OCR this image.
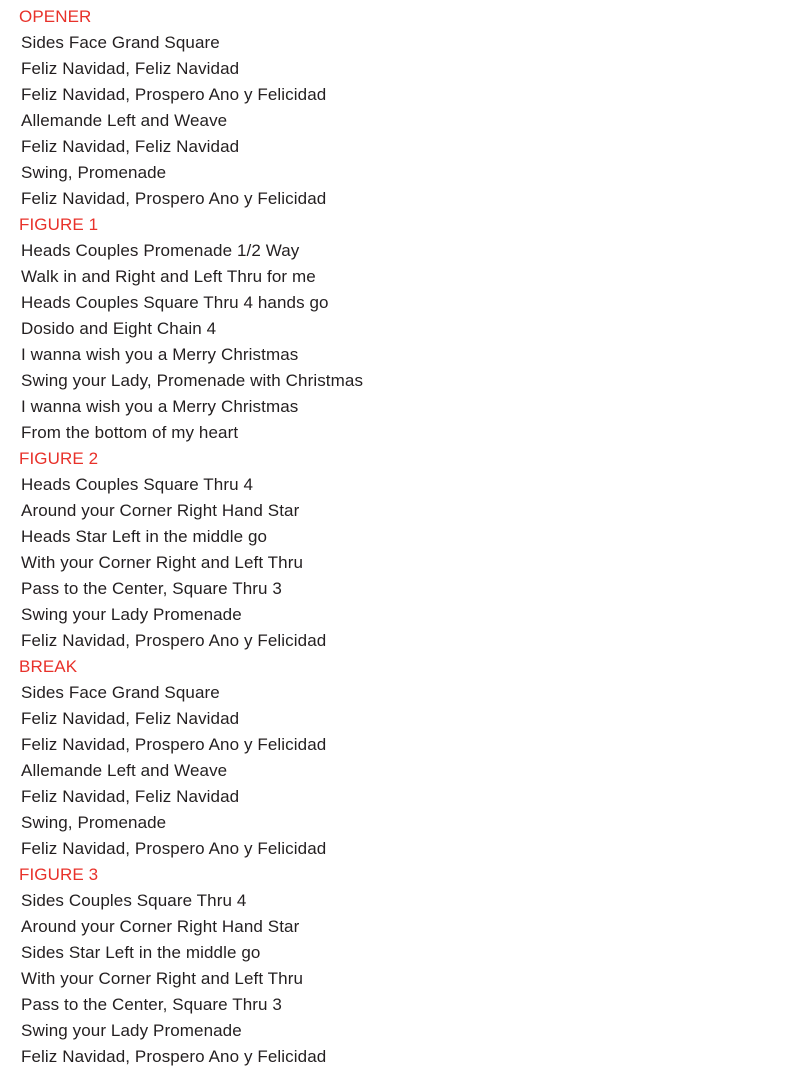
OPENER
Sides Face Grand Square
Feliz Navidad, Feliz Navidad
Feliz Navidad, Prospero Ano y Felicidad
Allemande Left and Weave
Feliz Navidad, Feliz Navidad
Swing, Promenade
Feliz Navidad, Prospero Ano y Felicidad
FIGURE 1
Heads Couples Promenade 1/2 Way
Walk in and Right and Left Thru for me
Heads Couples Square Thru 4 hands go
Dosido and Eight Chain 4
I wanna wish you a Merry Christmas
Swing your Lady, Promenade with Christmas
I wanna wish you a Merry Christmas
From the bottom of my heart
FIGURE 2
Heads Couples Square Thru 4
Around your Corner Right Hand Star
Heads Star Left in the middle go
With your Corner Right and Left Thru
Pass to the Center, Square Thru 3
Swing your Lady Promenade
Feliz Navidad, Prospero Ano y Felicidad
BREAK
Sides Face Grand Square
Feliz Navidad, Feliz Navidad
Feliz Navidad, Prospero Ano y Felicidad
Allemande Left and Weave
Feliz Navidad, Feliz Navidad
Swing, Promenade
Feliz Navidad, Prospero Ano y Felicidad
FIGURE 3
Sides Couples Square Thru 4
Around your Corner Right Hand Star
Sides Star Left in the middle go
With your Corner Right and Left Thru
Pass to the Center, Square Thru 3
Swing your Lady Promenade
Feliz Navidad, Prospero Ano y Felicidad
